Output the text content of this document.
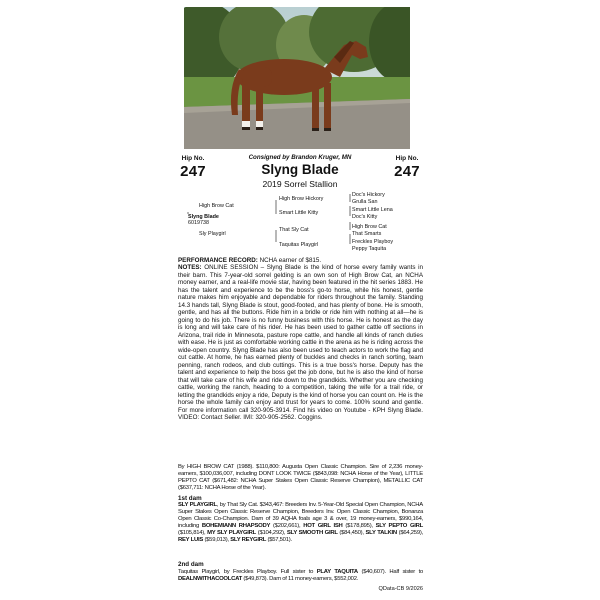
Consigned by Brandon Kruger, MN
Hip No.
247
Hip No.
247
Slyng Blade
2019 Sorrel Stallion
High Brow Cat
Slyng Blade
6019738
Sly Playgirl
High Brow Hickory
Smart Little Kitty
That Sly Cat
Taquitas Playgirl
Doc's Hickory
Grulla San
Smart Little Lena
Doc's Kitty
High Brow Cat
That Smarts
Freckles Playboy
Peppy Taquita

PERFORMANCE RECORD: NCHA earner of $815.

NOTES: ONLINE SESSION – Slyng Blade is the kind of horse every family wants in their barn. This 7-year-old sorrel gelding is an own son of High Brow Cat, an NCHA money earner, and a real-life movie star, having been featured in the hit series 1883. He has the talent and experience to be the boss's go-to horse, while his honest, gentle nature makes him enjoyable and dependable for riders throughout the family. Standing 14.3 hands tall, Slyng Blade is stout, good-footed, and has plenty of bone. He is smooth, gentle, and has all the buttons. Ride him in a bridle or ride him with nothing at all—he is going to do his job. There is no funny business with this horse. He is honest as the day is long and will take care of his rider. He has been used to gather cattle off sections in Arizona, trail ride in Minnesota, pasture rope cattle, and handle all kinds of ranch duties with ease. He is just as comfortable working cattle in the arena as he is riding across the wide-open country. Slyng Blade has also been used to teach actors to work the flag and cut cattle. At home, he has earned plenty of buckles and checks in ranch sorting, team penning, ranch rodeos, and club cuttings. This is a true boss's horse. Deputy has the talent and experience to help the boss get the job done, but he is also the kind of horse that will take care of his wife and ride down to the grandkids. Whether you are checking cattle, working the ranch, heading to a competition, taking the wife for a trail ride, or letting the grandkids enjoy a ride, Deputy is the kind of horse you can count on. He is the horse the whole family can enjoy and trust for years to come. 100% sound and gentle. For more information call 320-905-3914. Find his video on Youtube - KPH Slyng Blade. VIDEO: Contact Seller. IMI: 320-905-2562. Coggins.

By HIGH BROW CAT (1988). $110,800: Augusta Open Classic Champion. Sire of 2,236 money-earners, $100,036,007, including DONT LOOK TWICE ($843,098: NCHA Horse of the Year), LITTLE PEPTO CAT ($671,482: NCHA Super Stakes Open Classic Reserve Champion), METALLIC CAT ($637,711: NCHA Horse of the Year).

1st dam

SLY PLAYGIRL, by That Sly Cat. $343,467: Breeders Inv. 5-Year-Old Special Open Champion, NCHA Super Stakes Open Classic Reserve Champion, Breeders Inv. Open Classic Champion, Bonanza Open Classic Co-Champion. Dam of 39 AQHA foals age 3 & over, 19 money-earners, $990,164, including BOHEMIANN RHAPSODY ($202,661), HOT GIRL ISH ($178,895), SLY PEPTO GIRL ($105,814), MY SLY PLAYGIRL ($104,292), SLY SMOOTH GIRL ($84,450), SLY TALKIN ($64,259), REY LUIS ($59,013), SLY REYGIRL ($57,501).

2nd dam

Taquitas Playgirl, by Freckles Playboy. Full sister to PLAY TAQUITA ($40,607). Half sister to DEALNWITHACOOLCAT ($49,873). Dam of 11 money-earners, $552,002.

QData-CB 9/2026
